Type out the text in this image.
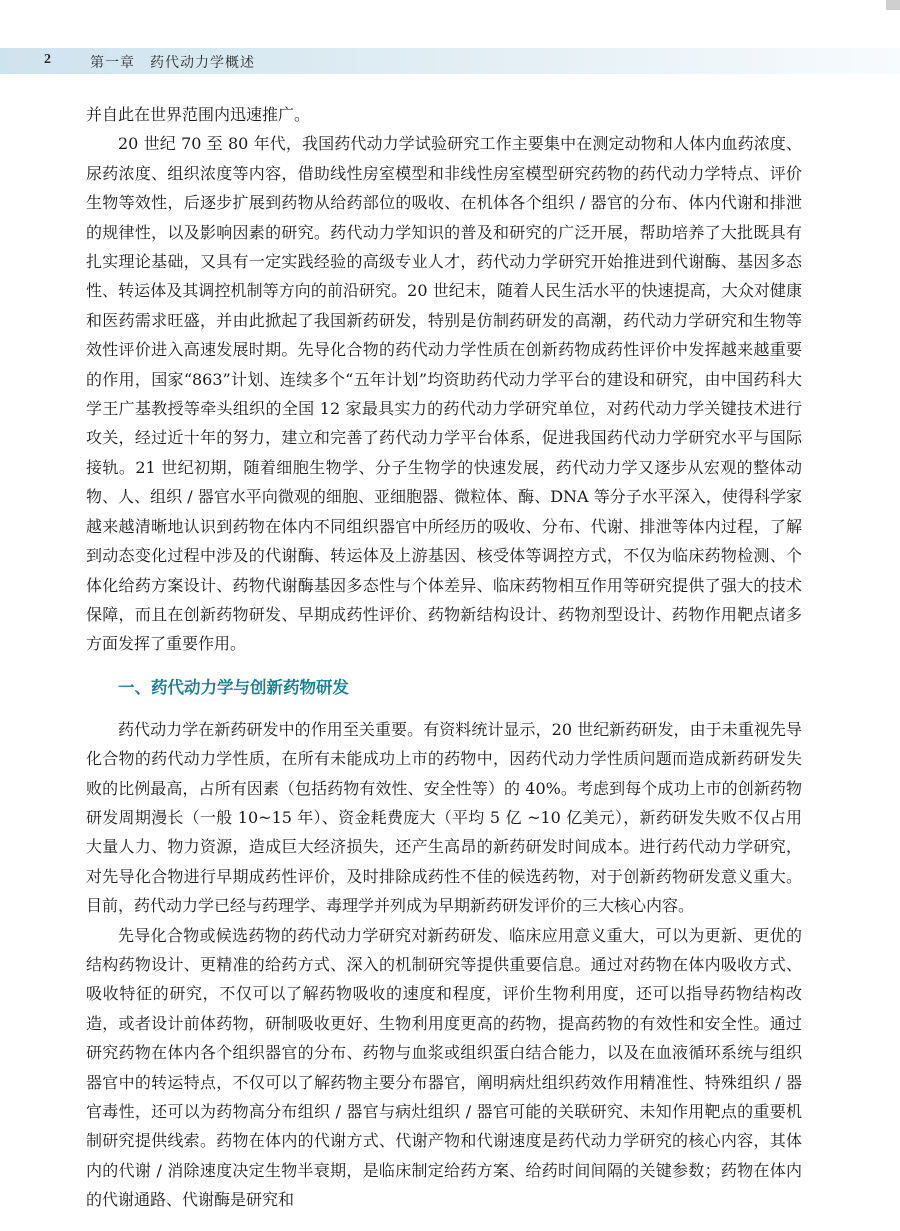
2	第一章　药代动力学概述

并自此在世界范围内迅速推广。

20 世纪 70 至 80 年代，我国药代动力学试验研究工作主要集中在测定动物和人体内血药浓度、尿药浓度、组织浓度等内容，借助线性房室模型和非线性房室模型研究药物的药代动力学特点、评价生物等效性，后逐步扩展到药物从给药部位的吸收、在机体各个组织 / 器官的分布、体内代谢和排泄的规律性，以及影响因素的研究。药代动力学知识的普及和研究的广泛开展，帮助培养了大批既具有扎实理论基础，又具有一定实践经验的高级专业人才，药代动力学研究开始推进到代谢酶、基因多态性、转运体及其调控机制等方向的前沿研究。20 世纪末，随着人民生活水平的快速提高，大众对健康和医药需求旺盛，并由此掀起了我国新药研发，特别是仿制药研发的高潮，药代动力学研究和生物等效性评价进入高速发展时期。先导化合物的药代动力学性质在创新药物成药性评价中发挥越来越重要的作用，国家“863”计划、连续多个“五年计划”均资助药代动力学平台的建设和研究，由中国药科大学王广基教授等牵头组织的全国 12 家最具实力的药代动力学研究单位，对药代动力学关键技术进行攻关，经过近十年的努力，建立和完善了药代动力学平台体系，促进我国药代动力学研究水平与国际接轨。21 世纪初期，随着细胞生物学、分子生物学的快速发展，药代动力学又逐步从宏观的整体动物、人、组织 / 器官水平向微观的细胞、亚细胞器、微粒体、酶、DNA 等分子水平深入，使得科学家越来越清晰地认识到药物在体内不同组织器官中所经历的吸收、分布、代谢、排泄等体内过程，了解到动态变化过程中涉及的代谢酶、转运体及上游基因、核受体等调控方式，不仅为临床药物检测、个体化给药方案设计、药物代谢酶基因多态性与个体差异、临床药物相互作用等研究提供了强大的技术保障，而且在创新药物研发、早期成药性评价、药物新结构设计、药物剂型设计、药物作用靶点诸多方面发挥了重要作用。

一、药代动力学与创新药物研发

药代动力学在新药研发中的作用至关重要。有资料统计显示，20 世纪新药研发，由于未重视先导化合物的药代动力学性质，在所有未能成功上市的药物中，因药代动力学性质问题而造成新药研发失败的比例最高，占所有因素（包括药物有效性、安全性等）的 40%。考虑到每个成功上市的创新药物研发周期漫长（一般 10~15 年）、资金耗费庞大（平均 5 亿 ~10 亿美元），新药研发失败不仅占用大量人力、物力资源，造成巨大经济损失，还产生高昂的新药研发时间成本。进行药代动力学研究，对先导化合物进行早期成药性评价，及时排除成药性不佳的候选药物，对于创新药物研发意义重大。目前，药代动力学已经与药理学、毒理学并列成为早期新药研发评价的三大核心内容。

先导化合物或候选药物的药代动力学研究对新药研发、临床应用意义重大，可以为更新、更优的结构药物设计、更精准的给药方式、深入的机制研究等提供重要信息。通过对药物在体内吸收方式、吸收特征的研究，不仅可以了解药物吸收的速度和程度，评价生物利用度，还可以指导药物结构改造，或者设计前体药物，研制吸收更好、生物利用度更高的药物，提高药物的有效性和安全性。通过研究药物在体内各个组织器官的分布、药物与血浆或组织蛋白结合能力，以及在血液循环系统与组织器官中的转运特点，不仅可以了解药物主要分布器官，阐明病灶组织药效作用精准性、特殊组织 / 器官毒性，还可以为药物高分布组织 / 器官与病灶组织 / 器官可能的关联研究、未知作用靶点的重要机制研究提供线索。药物在体内的代谢方式、代谢产物和代谢速度是药代动力学研究的核心内容，其体内的代谢 / 消除速度决定生物半衰期，是临床制定给药方案、给药时间间隔的关键参数；药物在体内的代谢通路、代谢酶是研究和
